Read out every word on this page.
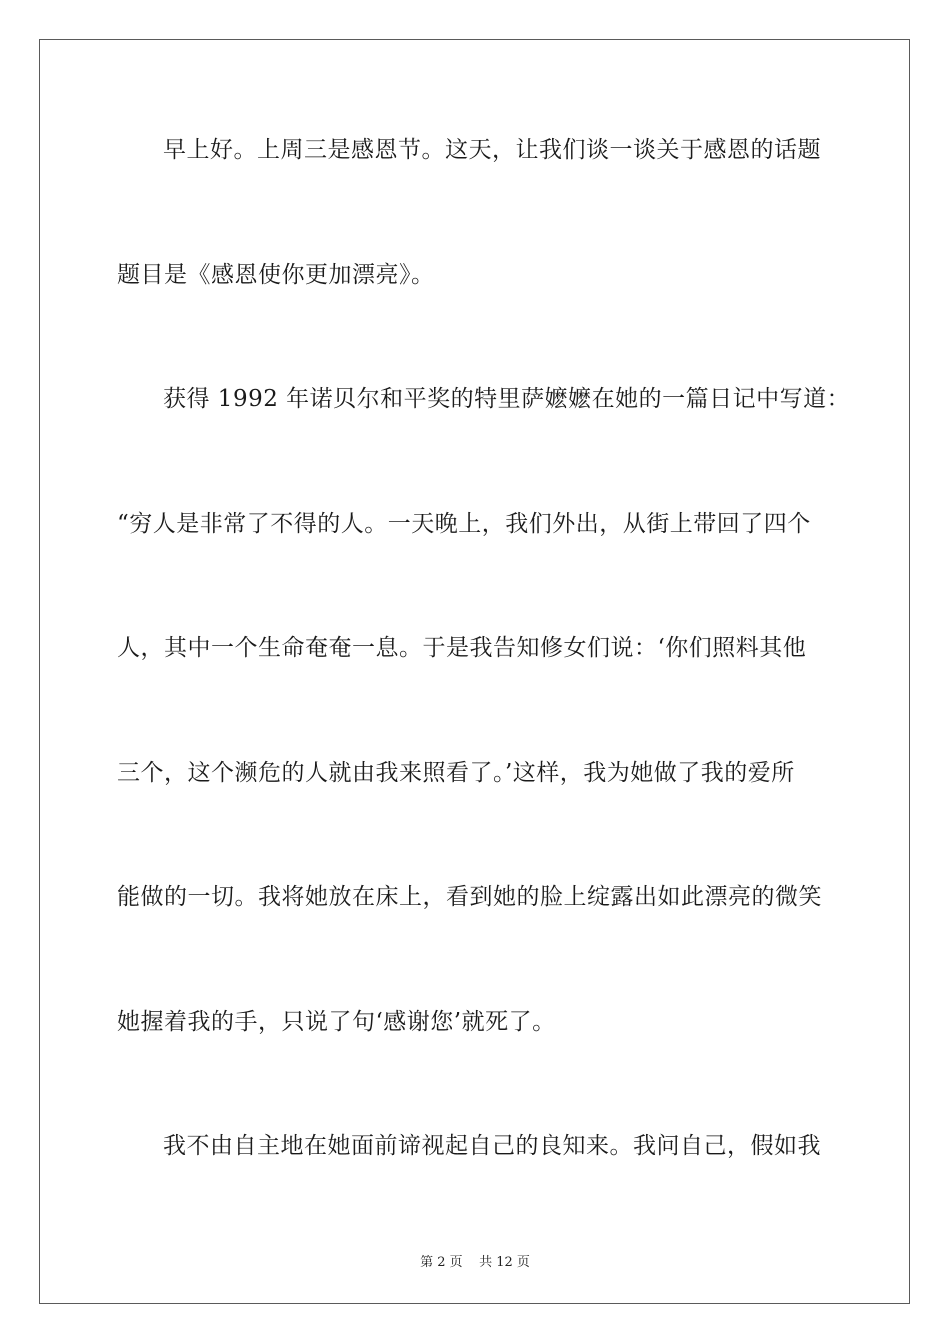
早上好。上周三是感恩节。这天，让我们谈一谈关于感恩的话题
题目是《感恩使你更加漂亮》。
获得 1992 年诺贝尔和平奖的特里萨嬷嬷在她的一篇日记中写道：
“穷人是非常了不得的人。一天晚上，我们外出，从街上带回了四个
人，其中一个生命奄奄一息。于是我告知修女们说：‘你们照料其他
三个，这个濒危的人就由我来照看了。’这样，我为她做了我的爱所
能做的一切。我将她放在床上，看到她的脸上绽露出如此漂亮的微笑
她握着我的手，只说了句‘感谢您’就死了。
我不由自主地在她面前谛视起自己的良知来。我问自己，假如我
第 2 页    共 12 页
